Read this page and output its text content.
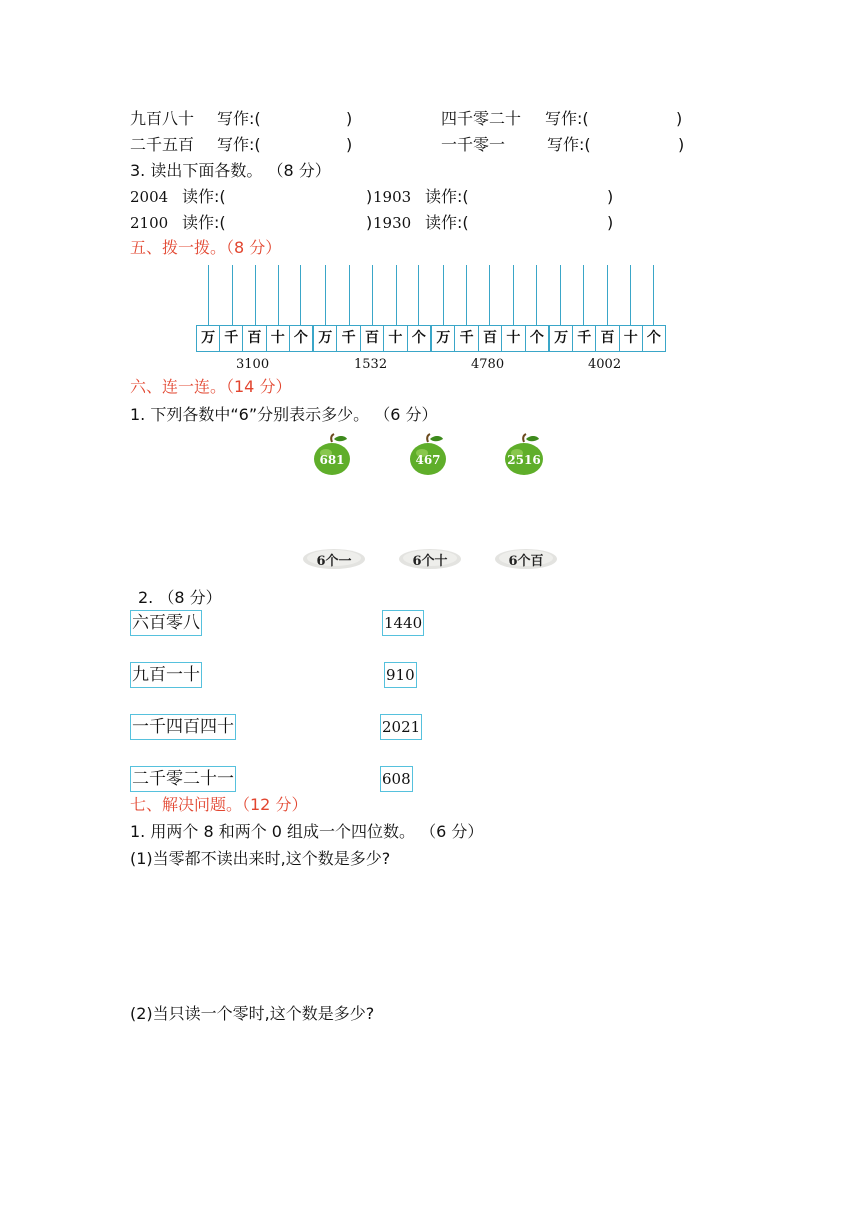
九百八十 写作:(	)	四千零二十 写作:(	)
二千五百 写作:(	)	一千零一	写作:(	)
3. 读出下面各数。 （8 分）
2004 读作:(	) 1903 读作:(	)
2100 读作:(	) 1930 读作:(	)
五、拨一拨。（8 分）
万 千 百 十 个 万 千 百 十 个 万 千 百 十 个 万 千 百 十 个
3100	1532	4780	4002
六、连一连。（14 分）
1. 下列各数中“6”分别表示多少。 （6 分）
681	467	2516
6个一	6个十	6个百
2. （8 分）
六百零八
九百一十
一千四百四十
二千零二十一
1440
910
2021
608
七、解决问题。（12 分）
1. 用两个 8 和两个 0 组成一个四位数。 （6 分）
(1)当零都不读出来时,这个数是多少?
(2)当只读一个零时,这个数是多少?
